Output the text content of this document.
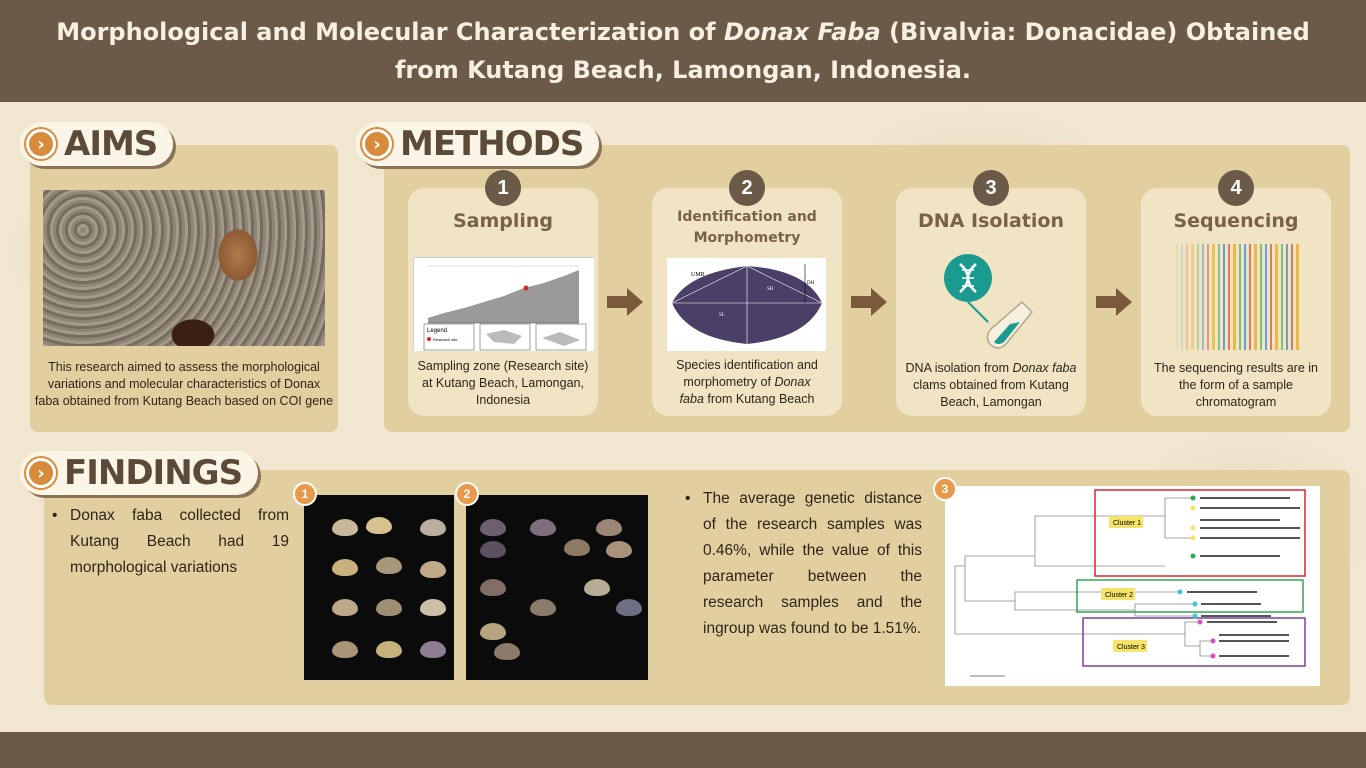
Morphological and Molecular Characterization of Donax Faba (Bivalvia: Donacidae) Obtained from Kutang Beach, Lamongan, Indonesia.
› AIMS
This research aimed to assess the morphological variations and molecular characteristics of Donax faba obtained from Kutang Beach based on COI gene
› METHODS
1
Sampling
Legend
Research site
Sampling zone (Research site) at Kutang Beach, Lamongan, Indonesia
2
Identification and
Morphometry
UMB
SH
DH
SL
Species identification and morphometry of Donax
faba from Kutang Beach
3
DNA Isolation
DNA isolation from Donax faba clams obtained from Kutang Beach, Lamongan
4
Sequencing
The sequencing results are in the form of a sample chromatogram
› FINDINGS
• Donax faba collected from Kutang Beach had 19 morphological variations
1	2
•	The average genetic distance of the research samples was 0.46%, while the value of this parameter between the research samples and the ingroup was found to be 1.51%.
Cluster 1
Cluster 2
Cluster 3
3
